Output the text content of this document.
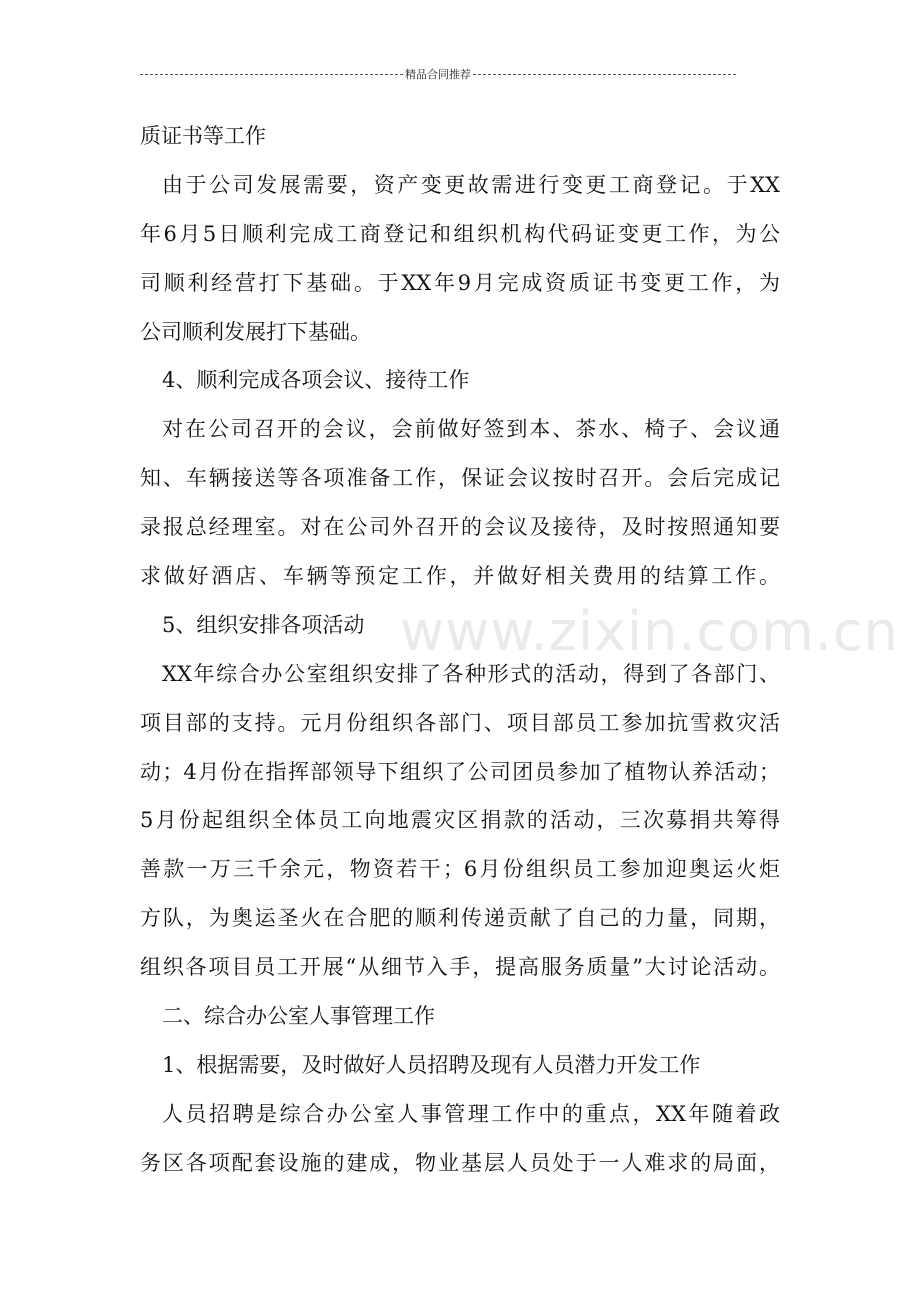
精品合同推荐
www.zixin.com.cn
质证书等工作
由于公司发展需要，资产变更故需进行变更工商登记。于XX
年6月5日顺利完成工商登记和组织机构代码证变更工作，为公
司顺利经营打下基础。于XX年9月完成资质证书变更工作，为
公司顺利发展打下基础。
4、顺利完成各项会议、接待工作
对在公司召开的会议，会前做好签到本、茶水、椅子、会议通
知、车辆接送等各项准备工作，保证会议按时召开。会后完成记
录报总经理室。对在公司外召开的会议及接待，及时按照通知要
求做好酒店、车辆等预定工作，并做好相关费用的结算工作。
5、组织安排各项活动
XX年综合办公室组织安排了各种形式的活动，得到了各部门、
项目部的支持。元月份组织各部门、项目部员工参加抗雪救灾活
动；4月份在指挥部领导下组织了公司团员参加了植物认养活动；
5月份起组织全体员工向地震灾区捐款的活动，三次募捐共筹得
善款一万三千余元，物资若干；6月份组织员工参加迎奥运火炬
方队，为奥运圣火在合肥的顺利传递贡献了自己的力量，同期，
组织各项目员工开展“从细节入手，提高服务质量”大讨论活动。
二、综合办公室人事管理工作
1、根据需要，及时做好人员招聘及现有人员潜力开发工作
人员招聘是综合办公室人事管理工作中的重点，XX年随着政
务区各项配套设施的建成，物业基层人员处于一人难求的局面，
